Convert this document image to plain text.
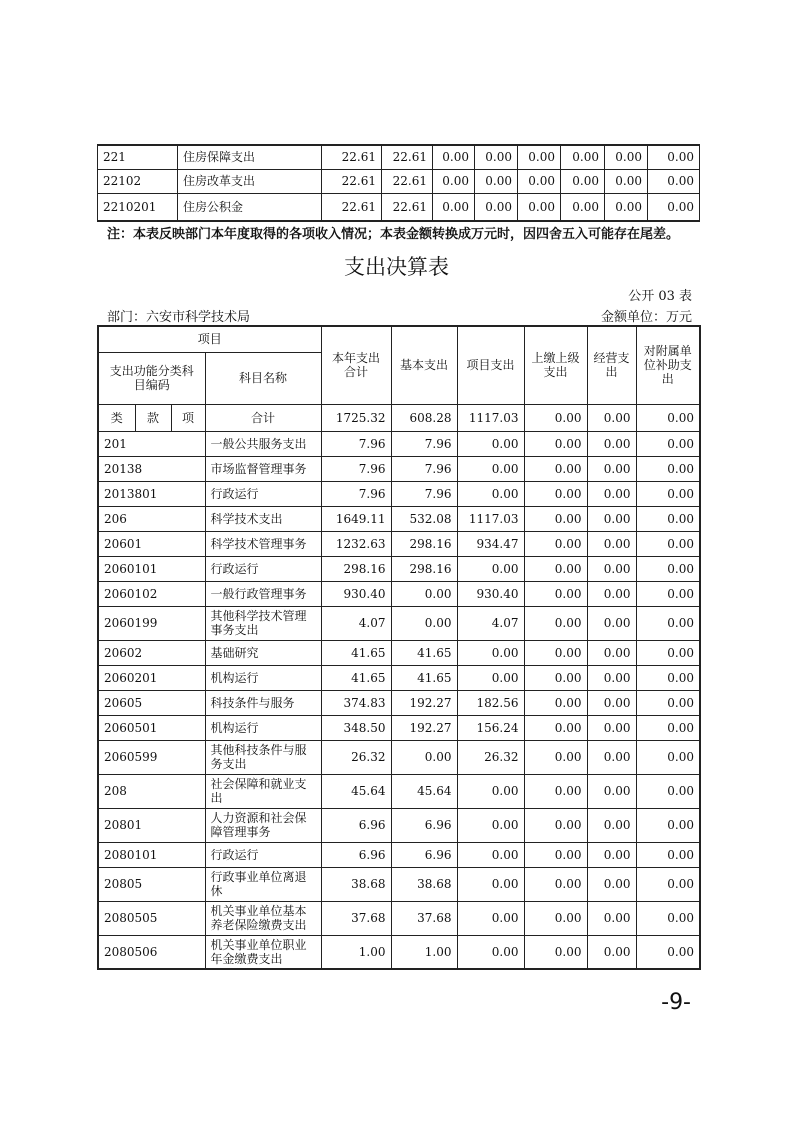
221	住房保障支出	22.61	22.61	0.00	0.00	0.00	0.00	0.00	0.00
22102	住房改革支出	22.61	22.61	0.00	0.00	0.00	0.00	0.00	0.00
2210201	住房公积金	22.61	22.61	0.00	0.00	0.00	0.00	0.00	0.00
注：本表反映部门本年度取得的各项收入情况；本表金额转换成万元时，因四舍五入可能存在尾差。
支出决算表
公开 03 表
部门：六安市科学技术局	金额单位：万元
项目				本年支出合计	基本支出	项目支出	上缴上级支出	经营支出	对附属单位补助支出
支出功能分类科目编码			科目名称						
类	款	项	合计	1725.32	608.28	1117.03	0.00	0.00	0.00
201			一般公共服务支出	7.96	7.96	0.00	0.00	0.00	0.00
20138			市场监督管理事务	7.96	7.96	0.00	0.00	0.00	0.00
2013801			行政运行	7.96	7.96	0.00	0.00	0.00	0.00
206			科学技术支出	1649.11	532.08	1117.03	0.00	0.00	0.00
20601			科学技术管理事务	1232.63	298.16	934.47	0.00	0.00	0.00
2060101			行政运行	298.16	298.16	0.00	0.00	0.00	0.00
2060102			一般行政管理事务	930.40	0.00	930.40	0.00	0.00	0.00
2060199			其他科学技术管理事务支出	4.07	0.00	4.07	0.00	0.00	0.00
20602			基础研究	41.65	41.65	0.00	0.00	0.00	0.00
2060201			机构运行	41.65	41.65	0.00	0.00	0.00	0.00
20605			科技条件与服务	374.83	192.27	182.56	0.00	0.00	0.00
2060501			机构运行	348.50	192.27	156.24	0.00	0.00	0.00
2060599			其他科技条件与服务支出	26.32	0.00	26.32	0.00	0.00	0.00
208			社会保障和就业支出	45.64	45.64	0.00	0.00	0.00	0.00
20801			人力资源和社会保障管理事务	6.96	6.96	0.00	0.00	0.00	0.00
2080101			行政运行	6.96	6.96	0.00	0.00	0.00	0.00
20805			行政事业单位离退休	38.68	38.68	0.00	0.00	0.00	0.00
2080505			机关事业单位基本养老保险缴费支出	37.68	37.68	0.00	0.00	0.00	0.00
2080506			机关事业单位职业年金缴费支出	1.00	1.00	0.00	0.00	0.00	0.00
-9-
